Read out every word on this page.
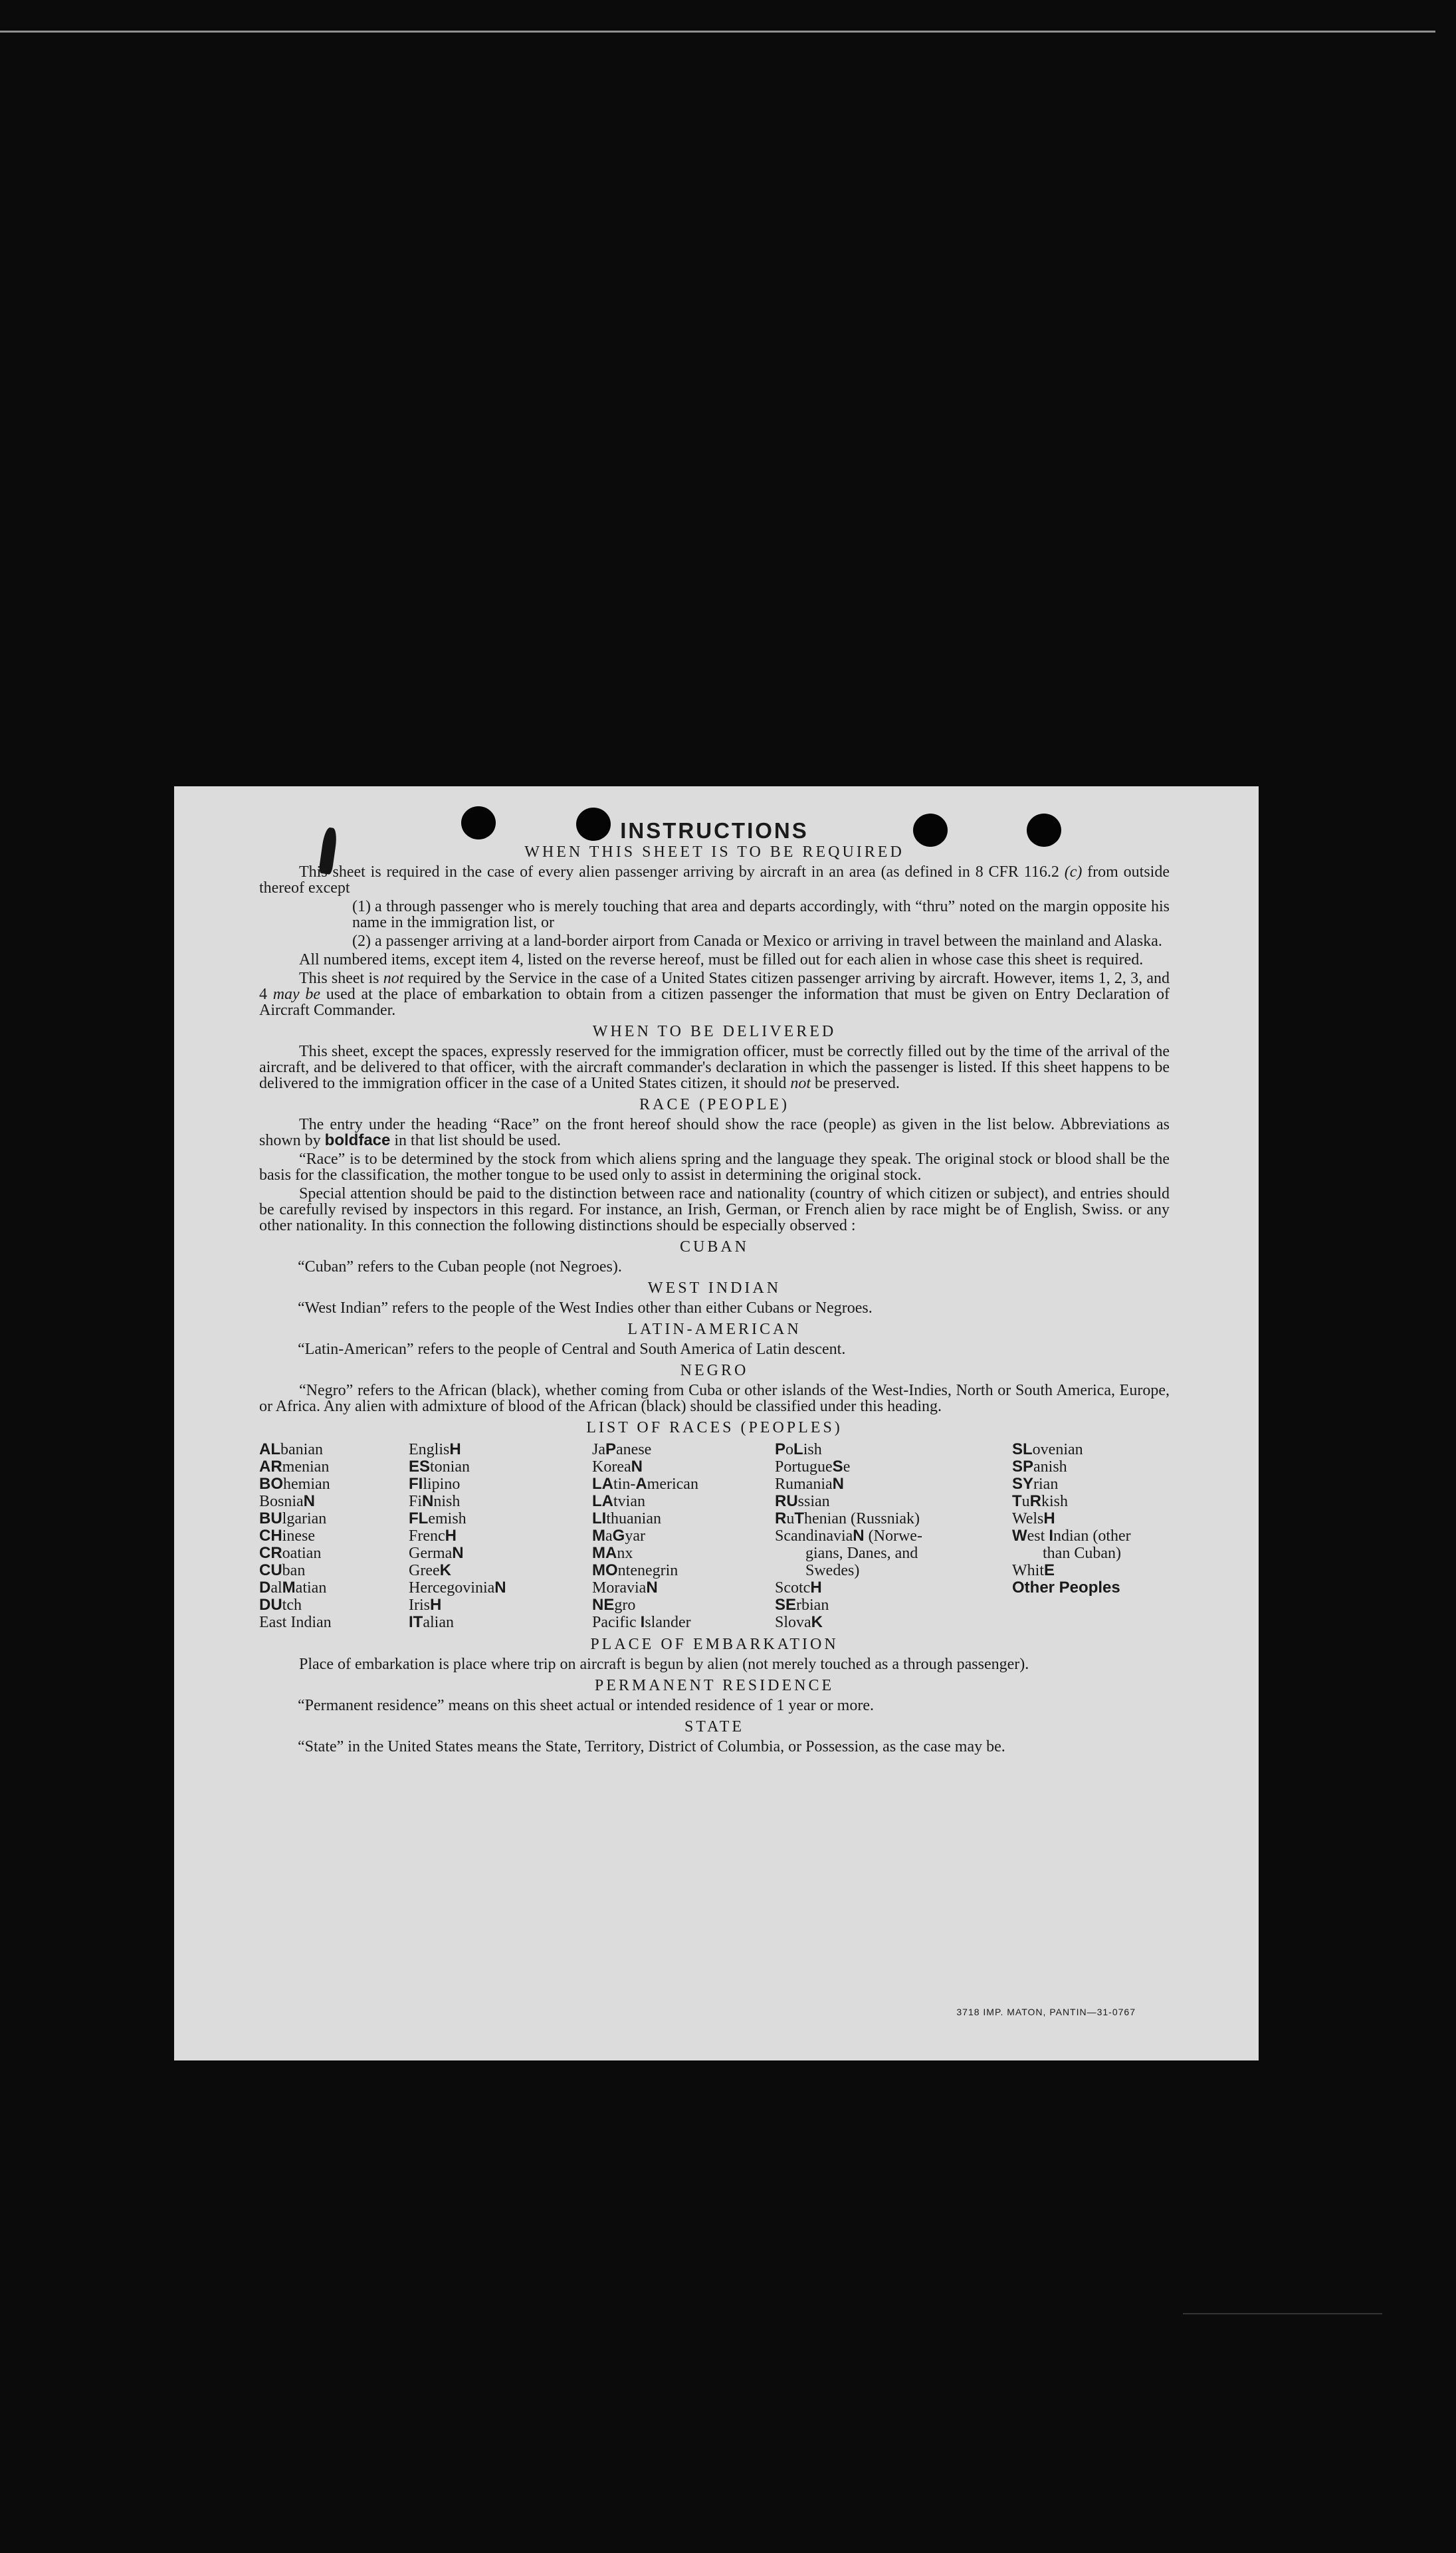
INSTRUCTIONS
WHEN THIS SHEET IS TO BE REQUIRED

This sheet is required in the case of every alien passenger arriving by aircraft in an area (as defined in 8 CFR 116.2 (c) from outside thereof except

(1) a through passenger who is merely touching that area and departs accordingly, with “thru” noted on the margin opposite his name in the immigration list, or

(2) a passenger arriving at a land-border airport from Canada or Mexico or arriving in travel between the mainland and Alaska.

All numbered items, except item 4, listed on the reverse hereof, must be filled out for each alien in whose case this sheet is required.

This sheet is not required by the Service in the case of a United States citizen passenger arriving by aircraft. However, items 1, 2, 3, and 4 may be used at the place of embarkation to obtain from a citizen passenger the information that must be given on Entry Declaration of Aircraft Commander.

WHEN TO BE DELIVERED

This sheet, except the spaces, expressly reserved for the immigration officer, must be correctly filled out by the time of the arrival of the aircraft, and be delivered to that officer, with the aircraft commander's declaration in which the passenger is listed. If this sheet happens to be delivered to the immigration officer in the case of a United States citizen, it should not be preserved.

RACE (PEOPLE)

The entry under the heading “Race” on the front hereof should show the race (people) as given in the list below. Abbreviations as shown by boldface in that list should be used.

“Race” is to be determined by the stock from which aliens spring and the language they speak. The original stock or blood shall be the basis for the classification, the mother tongue to be used only to assist in determining the original stock.

Special attention should be paid to the distinction between race and nationality (country of which citizen or subject), and entries should be carefully revised by inspectors in this regard. For instance, an Irish, German, or French alien by race might be of English, Swiss. or any other nationality. In this connection the following distinctions should be especially observed :

CUBAN

“Cuban” refers to the Cuban people (not Negroes).

WEST INDIAN

“West Indian” refers to the people of the West Indies other than either Cubans or Negroes.

LATIN-AMERICAN

“Latin-American” refers to the people of Central and South America of Latin descent.

NEGRO

“Negro” refers to the African (black), whether coming from Cuba or other islands of the West-Indies, North or South America, Europe, or Africa. Any alien with admixture of blood of the African (black) should be classified under this heading.

LIST OF RACES (PEOPLES)
ALbanian
ARmenian
BOhemian
BosniaN
BUlgarian
CHinese
CRoatian
CUban
DalMatian
DUtch
East Indian
EnglisH
EStonian
FIlipino
FiNnish
FLemish
FrencH
GermaN
GreeK
HercegoviniaN
IrisH
ITalian
JaPanese
KoreaN
LAtin-American
LAtvian
LIthuanian
MaGyar
MAnx
MOntenegrin
MoraviaN
NEgro
Pacific Islander
PoLish
PortugueSe
RumaniaN
RUssian
RuThenian (Russniak)
ScandinaviaN (Norwe-
gians, Danes, and
Swedes)
ScotcH
SErbian
SlovaK
SLovenian
SPanish
SYrian
TuRkish
WelsH
West Indian (other
than Cuban)
WhitE
Other Peoples
PLACE OF EMBARKATION

Place of embarkation is place where trip on aircraft is begun by alien (not merely touched as a through passenger).

PERMANENT RESIDENCE

“Permanent residence” means on this sheet actual or intended residence of 1 year or more.

STATE

“State” in the United States means the State, Territory, District of Columbia, or Possession, as the case may be.

3718 IMP. MATON, PANTIN—31-0767
